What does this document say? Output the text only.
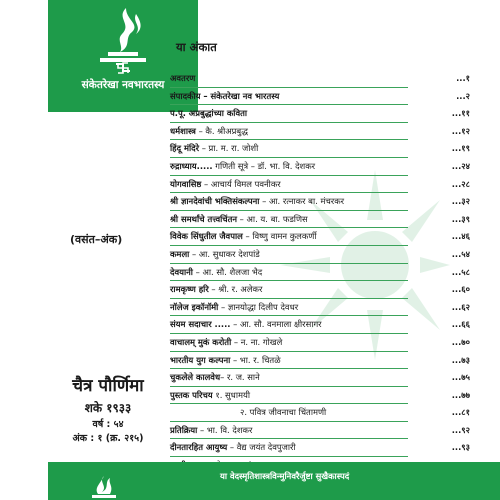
संकेतरेखा नवभारतस्य
या अंकात
अवतरण	...१
संपादकीय – संकेतरेखा नव भारतस्य	...२
प.पू. अप्रबुद्धांच्या कविता	...११
धर्मशास्त्र – कै. श्रीअप्रबुद्ध	...१२
हिंदू मंदिरे – प्रा. म. रा. जोशी	...१९
रुद्राध्याय..... गणिती सूत्रे – डॉ. भा. वि. देशकर	...२४
योगवासिष्ठ – आचार्य विमल पवनीकर	...२८
श्री ज्ञानदेवांची भक्तिसंकल्पना – आ. रत्नाकर बा. मंचरकर	...३२
श्री समर्थांचे तत्त्वचिंतन – आ. य. बा. फडणिस	...३९
विवेक सिंधुतील जैवपाल – विष्णु वामन कुलकर्णी	...४६
कमला – आ. सुधाकर देशपांडे	...५४
देवयानी – आ. सौ. शैलजा भैद	...५८
रामकृष्ण हरि – श्री. र. अलेकर	...६०
नॉलेज इकॉनॉमी – ज्ञानयोद्धा दिलीप देवधर	...६२
संयम सदाचार ..... – आ. सौ. वनमाला क्षीरसागर	...६६
वाचालम् मुकं करोती – न. ना. गोखले	...७०
भारतीय युग कल्पना – भा. र. चितळे	...७३
चुकलेले कालवेध– र. ज. साने	...७५
पुस्तक परिचय १. सुधामयी	...७७
२. पवित्र जीवनाचा चिंतामणी	...८१
प्रतिक्रिया – भा. वि. देशकर	...९२
दीनतारहित आयुष्य – वैद्य जयंत देवपुजारी	...९३
(वसंत–अंक)
चैत्र पौर्णिमा
शके १९३३
वर्ष : ५४
अंक : १ (क्र. २१५)
या वेदस्मृतिशास्त्रविन्मुनिवरैर्जुष्टा सुखैकास्पदं
